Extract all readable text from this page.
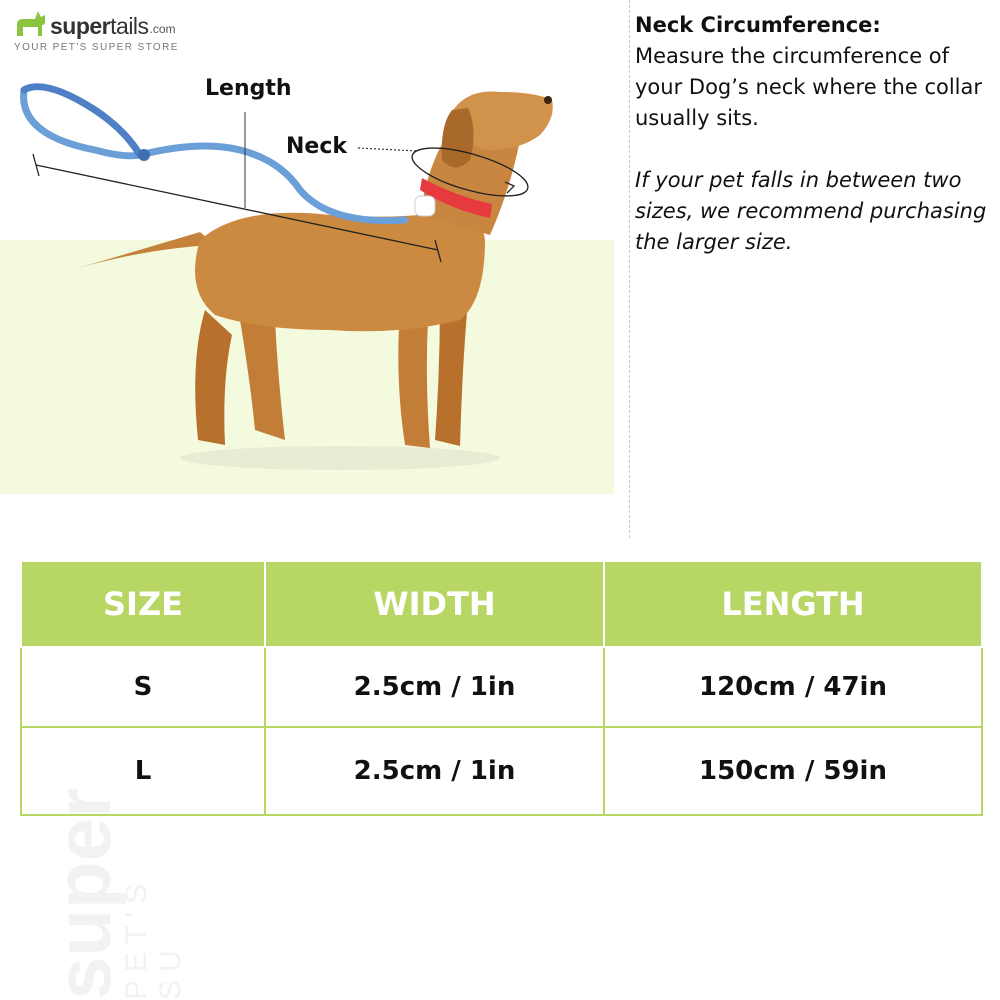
supertails .com
YOUR PET'S SUPER STORE
Length
Neck
Neck Circumference:
Measure the circumference of your Dog’s neck where the collar usually sits.
If your pet falls in between two sizes, we recommend purchasing the larger size.
super
PET'S SU
SIZE	WIDTH	LENGTH
S	2.5cm / 1in	120cm / 47in
L	2.5cm / 1in	150cm / 59in
